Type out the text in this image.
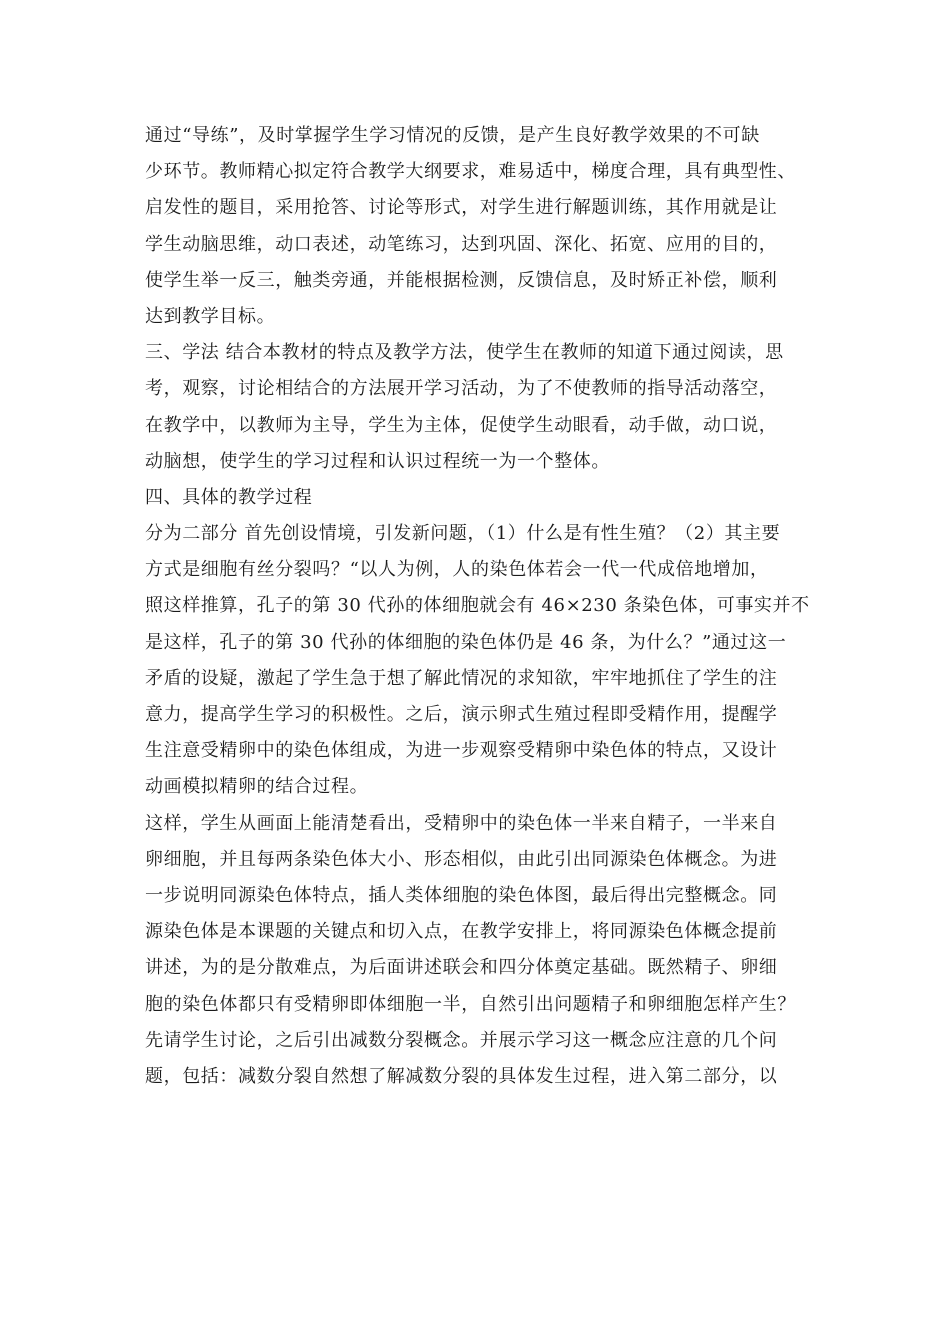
通过“导练”，及时掌握学生学习情况的反馈，是产生良好教学效果的不可缺
少环节。教师精心拟定符合教学大纲要求，难易适中，梯度合理，具有典型性、
启发性的题目，采用抢答、讨论等形式，对学生进行解题训练，其作用就是让
学生动脑思维，动口表述，动笔练习，达到巩固、深化、拓宽、应用的目的，
使学生举一反三，触类旁通，并能根据检测，反馈信息，及时矫正补偿，顺利
达到教学目标。
三、学法 结合本教材的特点及教学方法，使学生在教师的知道下通过阅读，思
考，观察，讨论相结合的方法展开学习活动，为了不使教师的指导活动落空，
在教学中，以教师为主导，学生为主体，促使学生动眼看，动手做，动口说，
动脑想，使学生的学习过程和认识过程统一为一个整体。
四、具体的教学过程
分为二部分 首先创设情境，引发新问题，（1）什么是有性生殖？（2）其主要
方式是细胞有丝分裂吗？“以人为例，人的染色体若会一代一代成倍地增加，
照这样推算，孔子的第 30 代孙的体细胞就会有 46×230 条染色体，可事实并不
是这样，孔子的第 30 代孙的体细胞的染色体仍是 46 条，为什么？”通过这一
矛盾的设疑，激起了学生急于想了解此情况的求知欲，牢牢地抓住了学生的注
意力，提高学生学习的积极性。之后，演示卵式生殖过程即受精作用，提醒学
生注意受精卵中的染色体组成，为进一步观察受精卵中染色体的特点，又设计
动画模拟精卵的结合过程。
这样，学生从画面上能清楚看出，受精卵中的染色体一半来自精子，一半来自
卵细胞，并且每两条染色体大小、形态相似，由此引出同源染色体概念。为进
一步说明同源染色体特点，插人类体细胞的染色体图，最后得出完整概念。同
源染色体是本课题的关键点和切入点，在教学安排上，将同源染色体概念提前
讲述，为的是分散难点，为后面讲述联会和四分体奠定基础。既然精子、卵细
胞的染色体都只有受精卵即体细胞一半，自然引出问题精子和卵细胞怎样产生？
先请学生讨论，之后引出减数分裂概念。并展示学习这一概念应注意的几个问
题，包括：减数分裂自然想了解减数分裂的具体发生过程，进入第二部分，以
